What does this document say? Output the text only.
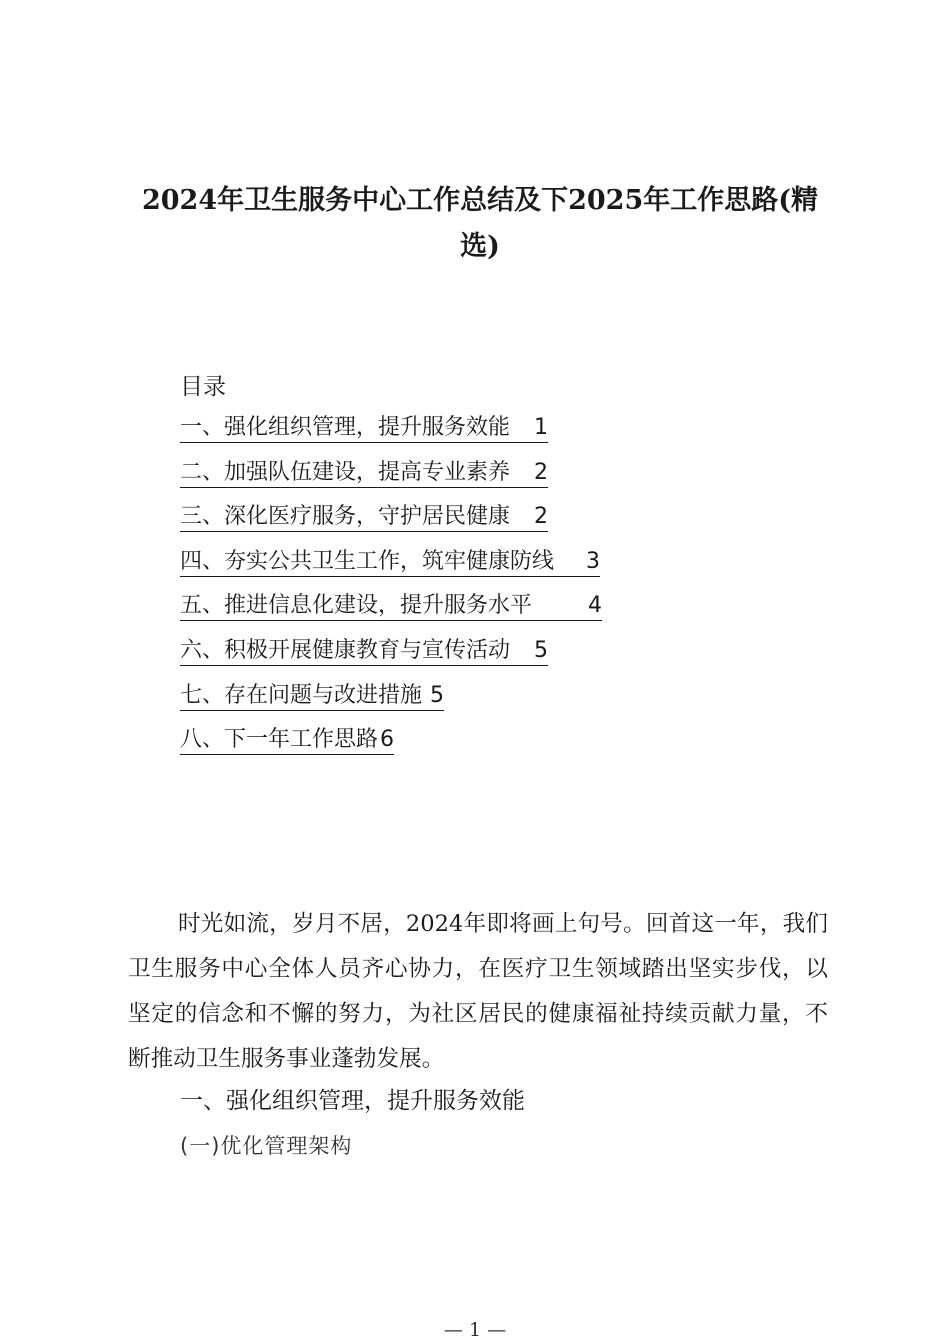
2024年卫生服务中心工作总结及下2025年工作思路(精选)
目录
一、强化组织管理，提升服务效能 1
二、加强队伍建设，提高专业素养 2
三、深化医疗服务，守护居民健康 2
四、夯实公共卫生工作，筑牢健康防线 3
五、推进信息化建设，提升服务水平	4
六、积极开展健康教育与宣传活动 5
七、存在问题与改进措施 5
八、下一年工作思路6

时光如流，岁月不居，2024年即将画上句号。回首这一年，我们卫生服务中心全体人员齐心协力，在医疗卫生领域踏出坚实步伐，以坚定的信念和不懈的努力，为社区居民的健康福祉持续贡献力量，不断推动卫生服务事业蓬勃发展。

一、强化组织管理，提升服务效能
(一)优化管理架构
— 1 —
